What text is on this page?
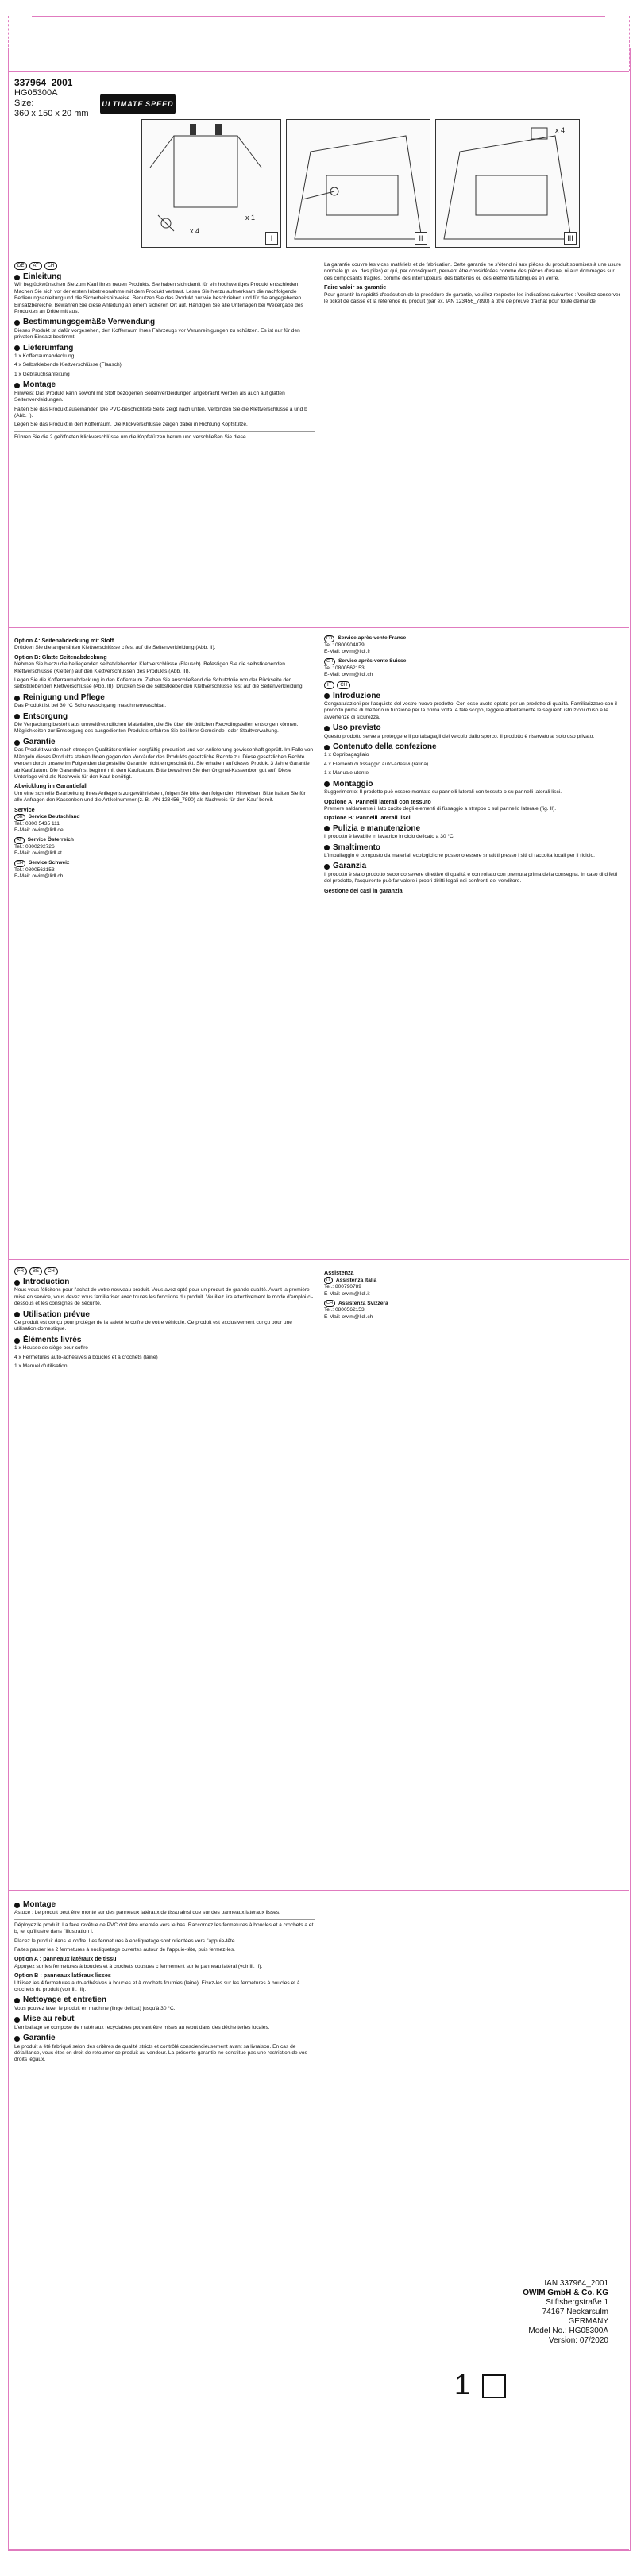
337964_2001
HG05300A
Size:
360 x 150 x 20 mm
ULTIMATE SPEED
x 4
x 1
I	II
x 4
III
DE	AT	CH
Einleitung

Wir beglückwünschen Sie zum Kauf Ihres neuen Produkts. Sie haben sich damit für ein hochwertiges Produkt entschieden. Machen Sie sich vor der ersten Inbetriebnahme mit dem Produkt vertraut. Lesen Sie hierzu aufmerksam die nachfolgende Bedienungsanleitung und die Sicherheitshinweise. Benutzen Sie das Produkt nur wie beschrieben und für die angegebenen Einsatzbereiche. Bewahren Sie diese Anleitung an einem sicheren Ort auf. Händigen Sie alle Unterlagen bei Weitergabe des Produktes an Dritte mit aus.

Bestimmungsgemäße Verwendung

Dieses Produkt ist dafür vorgesehen, den Kofferraum Ihres Fahrzeugs vor Verunreinigungen zu schützen. Es ist nur für den privaten Einsatz bestimmt.

Lieferumfang

1 x Kofferraumabdeckung

4 x Selbstklebende Klettverschlüsse (Flausch)

1 x Gebrauchsanleitung

Montage

Hinweis: Das Produkt kann sowohl mit Stoff bezogenen Seitenverkleidungen angebracht werden als auch auf glatten Seitenverkleidungen.

Falten Sie das Produkt auseinander. Die PVC-beschichtete Seite zeigt nach unten. Verbinden Sie die Klettverschlüsse a und b (Abb. I).

Legen Sie das Produkt in den Kofferraum. Die Klickverschlüsse zeigen dabei in Richtung Kopfstütze.

Führen Sie die 2 geöffneten Klickverschlüsse um die Kopfstützen herum und verschließen Sie diese.

La garantie couvre les vices matériels et de fabrication. Cette garantie ne s'étend ni aux pièces du produit soumises à une usure normale (p. ex. des piles) et qui, par conséquent, peuvent être considérées comme des pièces d'usure, ni aux dommages sur des composants fragiles, comme des interrupteurs, des batteries ou des éléments fabriqués en verre.

Faire valoir sa garantie

Pour garantir la rapidité d'exécution de la procédure de garantie, veuillez respecter les indications suivantes : Veuillez conserver le ticket de caisse et la référence du produit (par ex. IAN 123456_7890) à titre de preuve d'achat pour toute demande.

Option A: Seitenabdeckung mit Stoff

Drücken Sie die angenähten Klettverschlüsse c fest auf die Seitenverkleidung (Abb. II).

Option B: Glatte Seitenabdeckung

Nehmen Sie hierzu die beiliegenden selbstklebenden Klettverschlüsse (Flausch). Befestigen Sie die selbstklebenden Klettverschlüsse (Kletten) auf den Klettverschlüssen des Produkts (Abb. III).

Legen Sie die Kofferraumabdeckung in den Kofferraum. Ziehen Sie anschließend die Schutzfolie von der Rückseite der selbstklebenden Klettverschlüsse (Abb. III). Drücken Sie die selbstklebenden Klettverschlüsse fest auf die Seitenverkleidung.

Reinigung und Pflege

Das Produkt ist bei 30 °C Schonwaschgang maschinenwaschbar.

Entsorgung

Die Verpackung besteht aus umweltfreundlichen Materialien, die Sie über die örtlichen Recyclingstellen entsorgen können. Möglichkeiten zur Entsorgung des ausgedienten Produkts erfahren Sie bei Ihrer Gemeinde- oder Stadtverwaltung.

Garantie

Das Produkt wurde nach strengen Qualitätsrichtlinien sorgfältig produziert und vor Anlieferung gewissenhaft geprüft. Im Falle von Mängeln dieses Produkts stehen Ihnen gegen den Verkäufer des Produkts gesetzliche Rechte zu. Diese gesetzlichen Rechte werden durch unsere im Folgenden dargestellte Garantie nicht eingeschränkt. Sie erhalten auf dieses Produkt 3 Jahre Garantie ab Kaufdatum. Die Garantiefrist beginnt mit dem Kaufdatum. Bitte bewahren Sie den Original-Kassenbon gut auf. Diese Unterlage wird als Nachweis für den Kauf benötigt.

Abwicklung im Garantiefall

Um eine schnelle Bearbeitung Ihres Anliegens zu gewährleisten, folgen Sie bitte den folgenden Hinweisen: Bitte halten Sie für alle Anfragen den Kassenbon und die Artikelnummer (z. B. IAN 123456_7890) als Nachweis für den Kauf bereit.

Service
DE	Service Deutschland

Tel.: 0800 5435 111
E-Mail: owim@lidl.de

AT	Service Österreich

Tel.: 0800292726
E-Mail: owim@lidl.at

CH	Service Schweiz

Tel.: 0800562153
E-Mail: owim@lidl.ch

FR	Service après-vente France

Tel.: 0800904879
E-Mail: owim@lidl.fr

CH	Service après-vente Suisse

Tel.: 0800562153
E-Mail: owim@lidl.ch

IT	CH
Introduzione

Congratulazioni per l'acquisto del vostro nuovo prodotto. Con esso avete optato per un prodotto di qualità. Familiarizzare con il prodotto prima di metterlo in funzione per la prima volta. A tale scopo, leggere attentamente le seguenti istruzioni d'uso e le avvertenze di sicurezza.

Uso previsto

Questo prodotto serve a proteggere il portabagagli del veicolo dallo sporco. Il prodotto è riservato al solo uso privato.

Contenuto della confezione

1 x Copribagagliaio

4 x Elementi di fissaggio auto-adesivi (ratina)

1 x Manuale utente

Montaggio

Suggerimento: Il prodotto può essere montato su pannelli laterali con tessuto o su pannelli laterali lisci.

Opzione A: Pannelli laterali con tessuto

Premere saldamente il lato cucito degli elementi di fissaggio a strappo c sul pannello laterale (fig. II).

Opzione B: Pannelli laterali lisci
Pulizia e manutenzione

Il prodotto è lavabile in lavatrice in ciclo delicato a 30 °C.

Smaltimento

L'imballaggio è composto da materiali ecologici che possono essere smaltiti presso i siti di raccolta locali per il riciclo.

Garanzia

Il prodotto è stato prodotto secondo severe direttive di qualità e controllato con premura prima della consegna. In caso di difetti del prodotto, l'acquirente può far valere i propri diritti legali nei confronti del venditore.

Gestione dei casi in garanzia
FR	BE	CH
Introduction

Nous vous félicitons pour l'achat de votre nouveau produit. Vous avez opté pour un produit de grande qualité. Avant la première mise en service, vous devez vous familiariser avec toutes les fonctions du produit. Veuillez lire attentivement le mode d'emploi ci-dessous et les consignes de sécurité.

Utilisation prévue

Ce produit est conçu pour protéger de la saleté le coffre de votre véhicule. Ce produit est exclusivement conçu pour une utilisation domestique.

Éléments livrés

1 x Housse de siège pour coffre

4 x Fermetures auto-adhésives à boucles et à crochets (laine)

1 x Manuel d'utilisation

Assistenza
IT	Assistenza Italia

Tel.: 800790789
E-Mail: owim@lidl.it

CH	Assistenza Svizzera

Tel.: 0800562153
E-Mail: owim@lidl.ch

Montage

Astuce : Le produit peut être monté sur des panneaux latéraux de tissu ainsi que sur des panneaux latéraux lisses.

Déployez le produit. La face revêtue de PVC doit être orientée vers le bas. Raccordez les fermetures à boucles et à crochets a et b, tel qu'illustré dans l'illustration I.

Placez le produit dans le coffre. Les fermetures à encliquetage sont orientées vers l'appuie-tête.

Faites passer les 2 fermetures à encliquetage ouvertes autour de l'appuie-tête, puis fermez-les.

Option A : panneaux latéraux de tissu

Appuyez sur les fermetures à boucles et à crochets cousues c fermement sur le panneau latéral (voir ill. II).

Option B : panneaux latéraux lisses

Utilisez les 4 fermetures auto-adhésives à boucles et à crochets fournies (laine). Fixez-les sur les fermetures à boucles et à crochets du produit (voir ill. III).

Nettoyage et entretien

Vous pouvez laver le produit en machine (linge délicat) jusqu'à 30 °C.

Mise au rebut

L'emballage se compose de matériaux recyclables pouvant être mises au rebut dans des déchetteries locales.

Garantie

Le produit a été fabriqué selon des critères de qualité stricts et contrôlé consciencieusement avant sa livraison. En cas de défaillance, vous êtes en droit de retourner ce produit au vendeur. La présente garantie ne constitue pas une restriction de vos droits légaux.

IAN 337964_2001
OWIM GmbH & Co. KG
Stiftsbergstraße 1
74167 Neckarsulm
GERMANY
Model No.: HG05300A
Version: 07/2020
1
